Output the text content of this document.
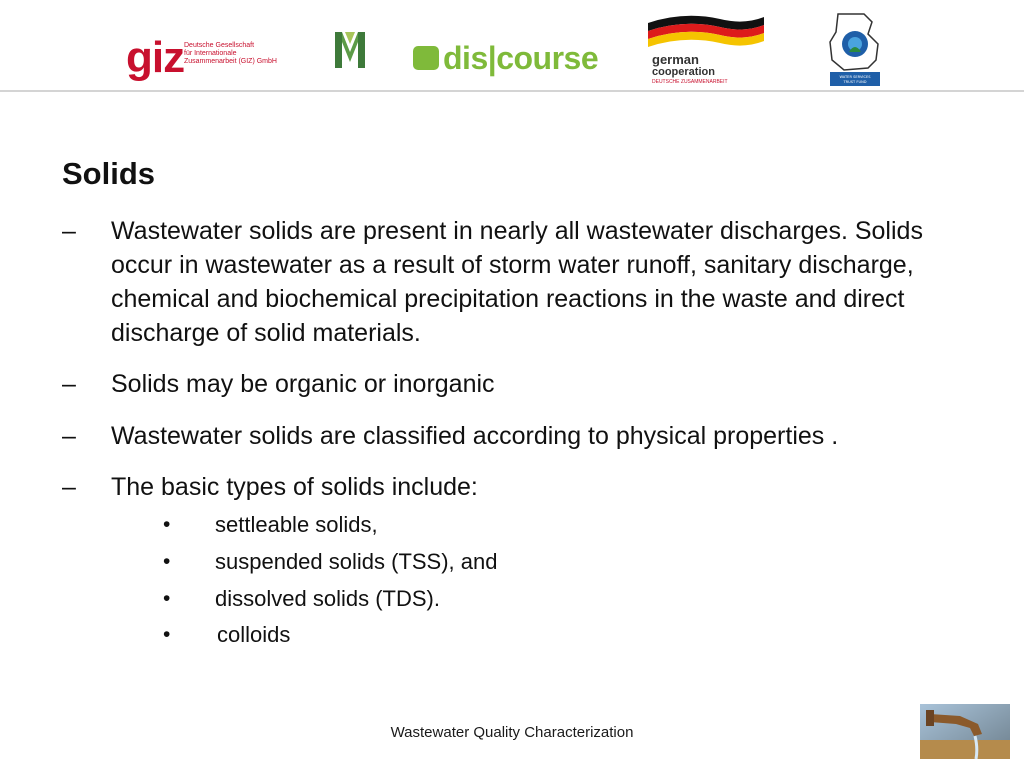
giz Deutsche Gesellschaft
für Internationale
Zusammenarbeit (GIZ) GmbH	dis|course	german
cooperation
DEUTSCHE ZUSAMMENARBEIT
WATER SERVICES
TRUST FUND
Solids
– Wastewater solids are present in nearly all wastewater discharges. Solids occur in wastewater as a result of storm water runoff, sanitary discharge, chemical and biochemical precipitation reactions in the waste and direct discharge of solid materials.
– Solids may be organic or inorganic
– Wastewater solids are classified according to physical properties .
– The basic types of solids include:
• settleable solids,
• suspended solids (TSS), and
• dissolved solids (TDS).
• colloids
Wastewater Quality Characterization
